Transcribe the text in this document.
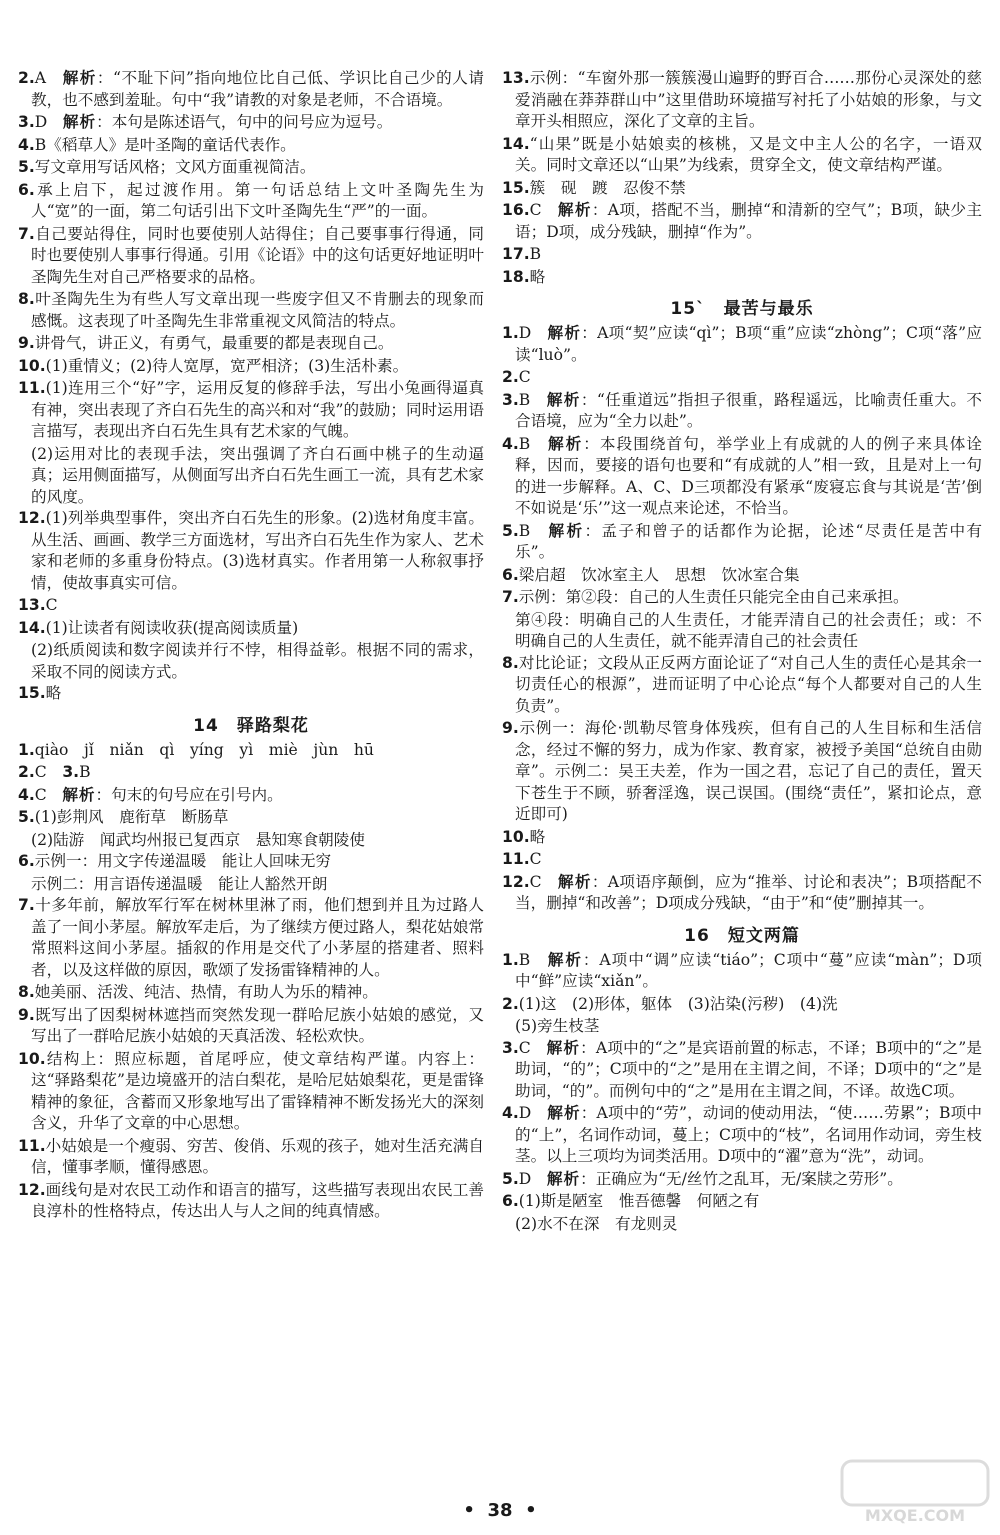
2.A　 解析：“不耻下问”指向地位比自己低、学识比自己少的人请教，也不感到羞耻。句中“我”请教的对象是老师，不合语境。
3.D　 解析：本句是陈述语气，句中的问号应为逗号。
4.B《稻草人》是叶圣陶的童话代表作。
5.写文章用写话风格；文风方面重视简洁。
6.承上启下，起过渡作用。第一句话总结上文叶圣陶先生为人“宽”的一面，第二句话引出下文叶圣陶先生“严”的一面。
7.自己要站得住，同时也要使别人站得住；自己要事事行得通，同时也要使别人事事行得通。引用《论语》中的这句话更好地证明叶圣陶先生对自己严格要求的品格。
8.叶圣陶先生为有些人写文章出现一些废字但又不肯删去的现象而感慨。这表现了叶圣陶先生非常重视文风简洁的特点。
9.讲骨气，讲正义，有勇气，最重要的都是表现自己。
10.(1)重情义；(2)待人宽厚，宽严相济；(3)生活朴素。
11.(1)连用三个“好”字，运用反复的修辞手法，写出小兔画得逼真有神，突出表现了齐白石先生的高兴和对“我”的鼓励；同时运用语言描写，表现出齐白石先生具有艺术家的气魄。
(2)运用对比的表现手法，突出强调了齐白石画中桃子的生动逼真；运用侧面描写，从侧面写出齐白石先生画工一流，具有艺术家的风度。
12.(1)列举典型事件，突出齐白石先生的形象。(2)选材角度丰富。从生活、画画、教学三方面选材，写出齐白石先生作为家人、艺术家和老师的多重身份特点。(3)选材真实。作者用第一人称叙事抒情，使故事真实可信。
13.C
14.(1)让读者有阅读收获(提高阅读质量)
(2)纸质阅读和数字阅读并行不悖，相得益彰。根据不同的需求，采取不同的阅读方式。
15.略
14　驿路梨花
1.qiào　jǐ　niǎn　qì　yíng　yì　miè　jùn　hū
2.C　3.B
4.C　 解析：句末的句号应在引号内。
5.(1)彭荆风　鹿衔草　断肠草
(2)陆游　闻武均州报已复西京　悬知寒食朝陵使
6.示例一：用文字传递温暖　能让人回味无穷
示例二：用言语传递温暖　能让人豁然开朗
7.十多年前，解放军行军在树林里淋了雨，他们想到并且为过路人盖了一间小茅屋。解放军走后，为了继续方便过路人，梨花姑娘常常照料这间小茅屋。插叙的作用是交代了小茅屋的搭建者、照料者，以及这样做的原因，歌颂了发扬雷锋精神的人。
8.她美丽、活泼、纯洁、热情，有助人为乐的精神。
9.既写出了因梨树林遮挡而突然发现一群哈尼族小姑娘的感觉，又写出了一群哈尼族小姑娘的天真活泼、轻松欢快。
10.结构上：照应标题，首尾呼应，使文章结构严谨。内容上：这“驿路梨花”是边境盛开的洁白梨花，是哈尼姑娘梨花，更是雷锋精神的象征，含蓄而又形象地写出了雷锋精神不断发扬光大的深刻含义，升华了文章的中心思想。
11.小姑娘是一个瘦弱、穷苦、俊俏、乐观的孩子，她对生活充满自信，懂事孝顺，懂得感恩。
12.画线句是对农民工动作和语言的描写，这些描写表现出农民工善良淳朴的性格特点，传达出人与人之间的纯真情感。
13.示例：“车窗外那一簇簇漫山遍野的野百合……那份心灵深处的慈爱消融在莽莽群山中”这里借助环境描写衬托了小姑娘的形象，与文章开头相照应，深化了文章的主旨。
14.“山果”既是小姑娘卖的核桃，又是文中主人公的名字，一语双关。同时文章还以“山果”为线索，贯穿全文，使文章结构严谨。
15.簇　砚　踱　忍俊不禁
16.C　 解析：A项，搭配不当，删掉“和清新的空气”；B项，缺少主语；D项，成分残缺，删掉“作为”。
17.B
18.略
15`　最苦与最乐
1.D　 解析：A项“契”应读“qì”；B项“重”应读“zhòng”；C项“落”应读“luò”。
2.C
3.B　 解析：“任重道远”指担子很重，路程遥远，比喻责任重大。不合语境，应为“全力以赴”。
4.B　 解析：本段围绕首句，举学业上有成就的人的例子来具体诠释，因而，要接的语句也要和“有成就的人”相一致，且是对上一句的进一步解释。A、C、D三项都没有紧承“废寝忘食与其说是‘苦’倒不如说是‘乐’”这一观点来论述，不恰当。
5.B　 解析：孟子和曾子的话都作为论据，论述“尽责任是苦中有乐”。
6.梁启超　饮冰室主人　思想　饮冰室合集
7.示例：第②段：自己的人生责任只能完全由自己来承担。
第④段：明确自己的人生责任，才能弄清自己的社会责任；或：不明确自己的人生责任，就不能弄清自己的社会责任
8.对比论证；文段从正反两方面论证了“对自己人生的责任心是其余一切责任心的根源”，进而证明了中心论点“每个人都要对自己的人生负责”。
9.示例一：海伦·凯勒尽管身体残疾，但有自己的人生目标和生活信念，经过不懈的努力，成为作家、教育家，被授予美国“总统自由勋章”。示例二：吴王夫差，作为一国之君，忘记了自己的责任，置天下苍生于不顾，骄奢淫逸，误己误国。(围绕“责任”，紧扣论点，意近即可)
10.略
11.C
12.C　 解析：A项语序颠倒，应为“推举、讨论和表决”；B项搭配不当，删掉“和改善”；D项成分残缺，“由于”和“使”删掉其一。
16　短文两篇
1.B　 解析：A项中“调”应读“tiáo”；C项中“蔓”应读“màn”；D项中“鲜”应读“xiǎn”。
2.(1)这　(2)形体，躯体　(3)沾染(污秽)　(4)洗
(5)旁生枝茎
3.C　 解析：A项中的“之”是宾语前置的标志，不译；B项中的“之”是助词，“的”；C项中的“之”是用在主谓之间，不译；D项中的“之”是助词，“的”。而例句中的“之”是用在主谓之间，不译。故选C项。
4.D　 解析：A项中的“劳”，动词的使动用法，“使……劳累”；B项中的“上”，名词作动词，蔓上；C项中的“枝”，名词用作动词，旁生枝茎。以上三项均为词类活用。D项中的“濯”意为“洗”，动词。
5.D　 解析：正确应为“无/丝竹之乱耳，无/案牍之劳形”。
6.(1)斯是陋室　惟吾德馨　何陋之有
(2)水不在深　有龙则灵
•  38  •	MXQE.COM
